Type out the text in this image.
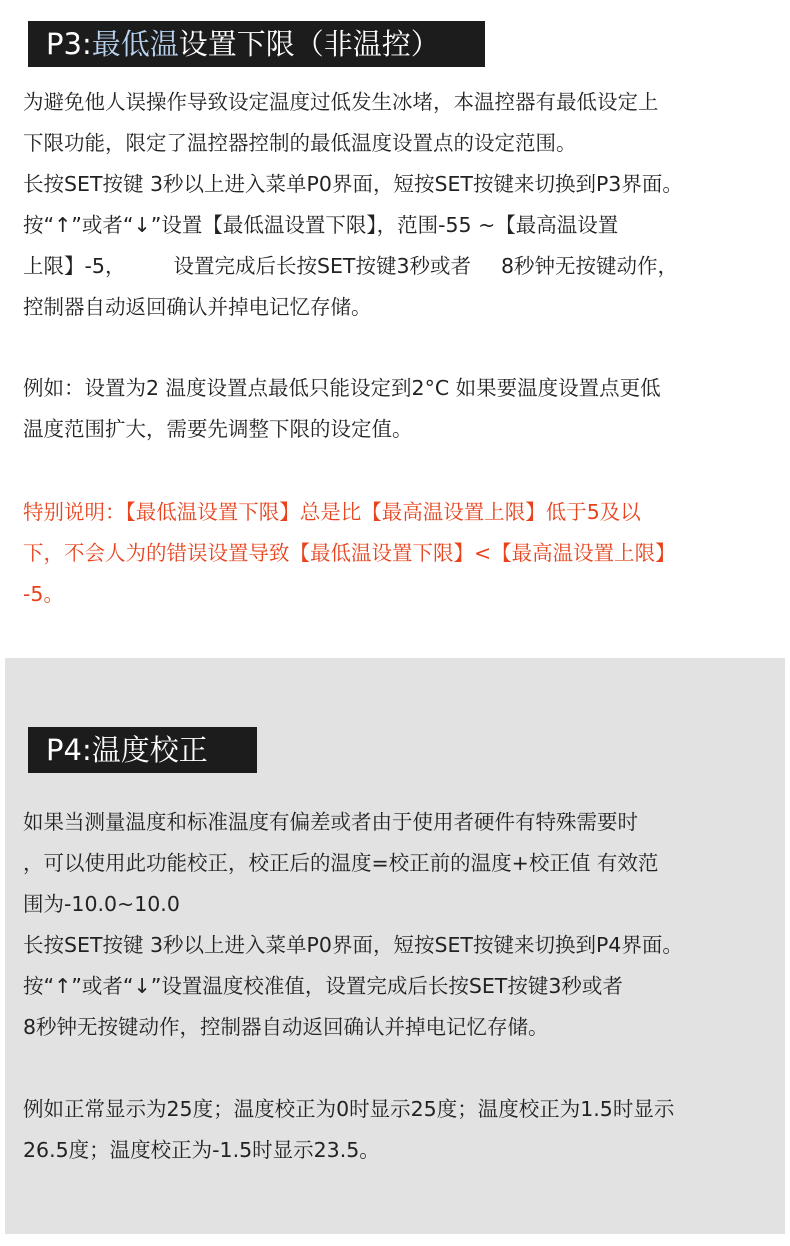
P3:最低温设置下限（非温控）
为避免他人误操作导致设定温度过低发生冰堵，本温控器有最低设定上
下限功能，限定了温控器控制的最低温度设置点的设定范围。
长按SET按键 3秒以上进入菜单P0界面，短按SET按键来切换到P3界面。
按“↑”或者“↓”设置【最低温设置下限】，范围-55 ~【最高温设置
上限】-5， 设置完成后长按SET按键3秒或者 8秒钟无按键动作，
控制器自动返回确认并掉电记忆存储。
例如：设置为2 温度设置点最低只能设定到2°C 如果要温度设置点更低
温度范围扩大，需要先调整下限的设定值。
特别说明：【最低温设置下限】总是比【最高温设置上限】低于5及以
下，不会人为的错误设置导致【最低温设置下限】<【最高温设置上限】
-5。
P4:温度校正
如果当测量温度和标准温度有偏差或者由于使用者硬件有特殊需要时
，可以使用此功能校正，校正后的温度=校正前的温度+校正值 有效范
围为-10.0~10.0
长按SET按键 3秒以上进入菜单P0界面，短按SET按键来切换到P4界面。
按“↑”或者“↓”设置温度校准值，设置完成后长按SET按键3秒或者
8秒钟无按键动作，控制器自动返回确认并掉电记忆存储。
例如正常显示为25度；温度校正为0时显示25度；温度校正为1.5时显示
26.5度；温度校正为-1.5时显示23.5。
